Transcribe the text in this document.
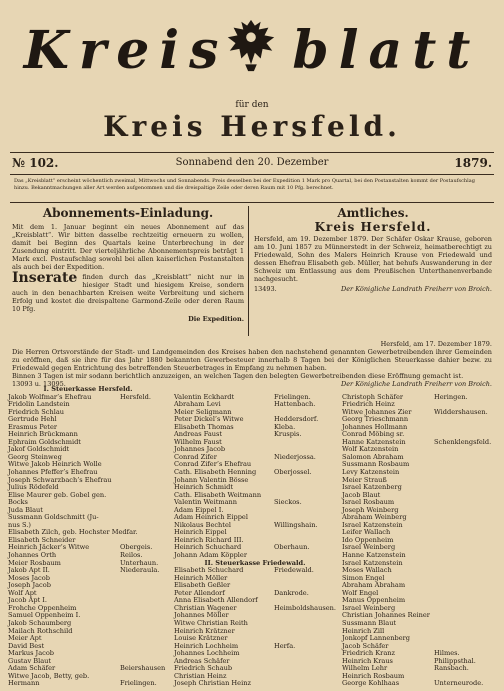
Kreis blatt
für den
Kreis Hersfeld.
№ 102.	Sonnabend den 20. Dezember	1879.
Das „Kreisblatt“ erscheint wöchentlich zweimal, Mittwochs und Sonnabends. Preis desselben bei der Expedition 1 Mark pro Quartal, bei den Postanstalten kommt der Postaufschlag hinzu. Bekanntmachungen aller Art werden aufgenommen und die dreispaltige Zeile oder deren Raum mit 10 Pfg. berechnet.
Abonnements-Einladung.

Mit dem 1. Januar beginnt ein neues Abonnement auf das „Kreisblatt“. Wir bitten dasselbe rechtzeitig erneuern zu wollen, damit bei Beginn des Quartals keine Unterbrechung in der Zusendung eintritt. Der vierteljährliche Abonnementspreis beträgt 1 Mark excl. Postaufschlag sowohl bei allen kaiserlichen Postanstalten als auch bei der Expedition.

Inserate finden durch das „Kreisblatt“ nicht nur in hiesiger Stadt und hiesigem Kreise, sondern auch in den benachbarten Kreisen weite Verbreitung und sichern Erfolg und kostet die dreispaltene Garmond-Zeile oder deren Raum 10 Pfg.

Die Expedition.
Amtliches.
Kreis Hersfeld.

Hersfeld, am 19. Dezember 1879. Der Schäfer Oskar Krause, geboren am 10. Juni 1857 zu Münnerstedt in der Schweiz, heimatberechtigt zu Friedewald, Sohn des Malers Heinrich Krause von Friedewald und dessen Ehefrau Elisabeth geb. Müller, hat behufs Auswanderung in der Schweiz um Entlassung aus dem Preußischen Unterthanenverbande nachgesucht.

13493.	Der Königliche Landrath Freiherr von Broich.
Hersfeld, am 17. Dezember 1879.
Die Herren Ortsvorstände der Stadt- und Landgemeinden des Kreises haben den nachstehend genannten Gewerbetreibenden ihrer Gemeinden zu eröffnen, daß sie ihre für das Jahr 1880 bekannten Gewerbesteuer innerhalb 8 Tagen bei der Königlichen Steuerkasse dahier bezw. zu Friedewald gegen Entrichtung des betreffenden Steuerbetrages in Empfang zu nehmen haben.
Binnen 3 Tagen ist mir sodann berichtlich anzuzeigen, an welchen Tagen den belegten Gewerbetreibenden diese Eröffnung gemacht ist.
13093 u. 13095.	Der Königliche Landrath Freiherr von Broich.
I. Steuerkasse Hersfeld.
Jakob Wolfmar’s Ehefrau	Hersfeld.
Fridolin Landstein
Friedrich Schlau
Gertrude Hehl
Erasmus Peter
Heinrich Brückmann
Ephraim Goldschmidt
Jakof Goldschmidt
Georg Steinweg
Witwe Jakob Heinrich Wolle
Johannes Pfeffer’s Ehefrau
Joseph Schwarzbach’s Ehefrau
Julius Rödefeld
Elise Maurer geb. Gobel gen.
Bocks
Juda Blaut
Sussmann Goldschmitt (Ju-
nus S.)
Elisabeth Zilch, geb. Hochster Medfar.
Elisabeth Schneider
Heinrich Jäcker’s Witwe	Obergeis.
Johannes Orth	Reilos.
Meier Rosbaum	Unterhaun.
Jakob Apt II.	Niederaula.
Moses Jacob
Joseph Jacob
Wolf Apt
Jacob Apt I.
Frohche Oppenheim
Samuel Oppenheim I.
Jakob Schaumberg
Mailach Rothschild
Meier Apt
David Best
Markus Jacob
Gustav Blaut
Adam Schäfer	Beiershausen
Witwe Jacob, Betty, geb.
Hermann	Frielingen.
Valentin Eckhardt	Frielingen.
Abraham Levi	Hattenbach.
Meier Seligmann
Peter Dickel’s Witwe	Heddersdorf.
Elisabeth Thomas	Kleba.
Andreas Faust	Kruspis.
Wilhelm Faust
Johannes Jacob
Conrad Zifer	Niederjossa.
Conrad Zifer’s Ehefrau
Cath. Elisabeth Henning	Oberjossel.
Johann Valentin Bösse
Heinrich Schmidt
Cath. Elisabeth Weitmann
Valentin Weitmann	Sieckos.
Adam Eippel I.
Adam Heinrich Eippel
Nikolaus Bechtel	Willingshain.
Heinrich Eippel
Heinrich Richard III.
Heinrich Schuchard	Oberhaun.
Johann Adam Köppler
II. Steuerkasse Friedewald.
Elisabeth Schuchard	Friedewald.
Heinrich Möller
Elisabeth Geßler
Peter Allendorf	Dankrode.
Anna Elisabeth Allendorf
Christian Wagener	Heimboldshausen.
Johannes Möller
Witwe Christian Reith
Heinrich Krätzner
Louise Krätzner
Heinrich Lochheim	Herfa.
Johannes Lochheim
Andreas Schäfer
Friedrich Schaub
Christian Heinz
Joseph Christian Heinz
Christoph Schäfer	Heringen.
Friedrich Heinz
Witwe Johannes Zier	Widdershausen.
Georg Trieschmann
Johannes Hollmann
Conrad Möbing sr.
Hanne Katzenstein	Schenklengsfeld.
Wolf Katzenstein
Salomon Abraham
Sussmann Rosbaum
Levy Katzenstein
Meier Strauß
Israel Katzenberg
Jacob Blaut
Israel Rosbaum
Joseph Weinberg
Abraham Weinberg
Israel Katzenstein
Leifer Wallach
Ido Oppenheim
Israel Weinberg
Hanne Katzenstein
Israel Katzenstein
Moses Wallach
Simon Engel
Abraham Abraham
Wolf Engel
Manus Oppenheim
Israel Weinberg
Christian Johannes Reiner
Sussmann Blaut
Heinrich Zill
Jonkopf Lannenberg
Jacob Schäfer
Friedrich Kranz	Hilmes.
Heinrich Kraus	Philippsthal.
Wilhelm Lehr	Ransbach.
Heinrich Rosbaum
George Kohlhaas	Unterneurode.
